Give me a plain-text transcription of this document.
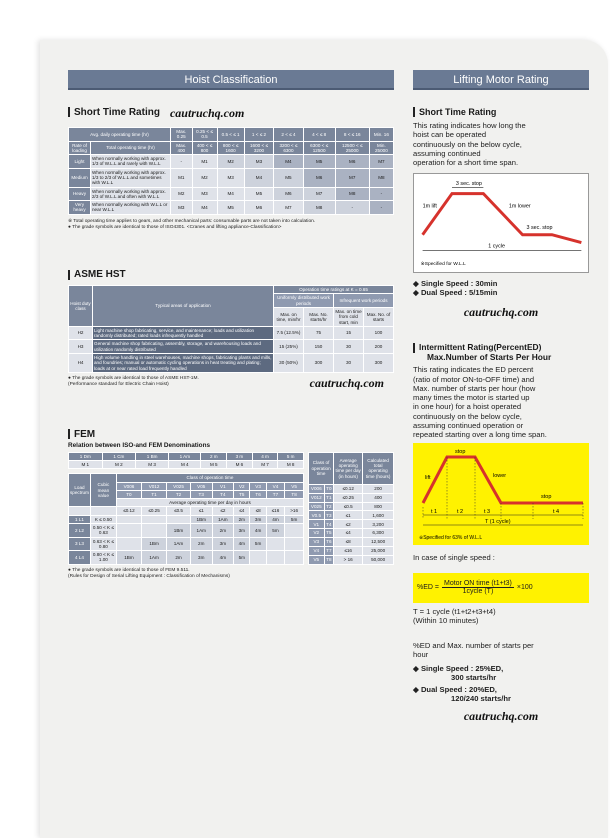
Hoist Classification
Short Time Rating cautruchq.com
Avg. daily operating time (hr)		Max. 0.25	0.25 < ≤ 0.5	0.5 < ≤ 1	1 < ≤ 2	2 < ≤ 4	4 < ≤ 8	8 < ≤ 16	Min. 16
Rate of loading	Total operating time (hr)	Max. 400	400 < ≤ 800	800 < ≤ 1600	1600 < ≤ 3200	3200 < ≤ 6300	6300 < ≤ 12500	12500 < ≤ 25000	Min. 25000
Light	When normally working with approx. 1/3 of W.L.L and rarely with W.L.L	-	M1	M2	M3	M4	M5	M6	M7
Medium	When normally working with approx. 1/3 to 2/3 of W.L.L and sometimes with W.L.L	M1	M2	M3	M4	M5	M6	M7	M8
Heavy	When normally working with approx. 2/3 of W.L.L and often with W.L.L	M2	M3	M4	M5	M6	M7	M8	-
Very heavy	When normally working with W.L.L or near W.L.L	M3	M4	M5	M6	M7	M8	-	-
※ Total operating time applies to gears, and other mechanical parts: consumable parts are not taken into calculation.
● The grade symbols are identical to those of ISO4301. <Cranes and lifting appliance-Classification>
ASME HST
Hoist duty class	Typical areas of application	Operation time ratings at K = 0.65			
		Uniformly distributed work periods		Infrequent work periods	
		Max. on time, min/hr	Max. No. starts/hr	Max. on time from cold start, min	Max. No. of starts
H2	Light machine shop fabricating, service, and maintenance; loads and utilization randomly distributed; rated loads infrequently handled	7.5 (12.5%)	75	15	100
H3	General machine shop fabricating, assembly, storage, and warehousing loads and utilization randomly distributed	15 (25%)	150	30	200
H4	High volume handling in steel warehouses, machine shops, fabricating plants and mills, and foundries; manual or automatic cycling operations in heat treating and plating; loads at or near rated load frequently handled	30 (50%)	300	30	300
● The grade symbols are identical to those of ASME HST-1M.
(Performance standard for Electric Chain Hoist)	cautruchq.com
FEM
Relation between ISO-and FEM Denominations
1 Dm	1 Cm	1 Bm	1 Am	2 m	3 m	4 m	5 m
M 1	M 2	M 3	M 4	M 5	M 6	M 7	M 8
Load spectrum	Cubic mean value	Class of operation time								
		V006	V012	V025	V05	V1	V2	V3	V4	V5
		T0	T1	T2	T3	T4	T5	T6	T7	T8
		Average operating time per day in hours								
		≤0.12	≤0.25	≤0.5	≤1	≤2	≤4	≤8	≤16	>16
1 L1	K ≤ 0.50				1Bm	1Am	2m	3m	4m	5m
2 L2	0.50 < K ≤ 0.63			1Bm	1Am	2m	3m	4m	5m	
3 L3	0.63 < K ≤ 0.80		1Bm	1Am	2m	3m	4m	5m		
4 L4	0.80 < K ≤ 1.00	1Bm	1Am	2m	3m	4m	5m			
Class of operation time		Average operating time per day (in hours)	Calculated total operating time (hours)
V006	T0	≤0.12	200
V012	T1	≤0.25	400
V025	T2	≤0.5	800
V0.5	T3	≤1	1,600
V1	T4	≤2	3,200
V2	T5	≤4	6,300
V3	T6	≤8	12,500
V4	T7	≤16	25,000
V5	T8	> 16	50,000
● The grade symbols are identical to those of FEM 9.511.
(Rules for Design of Serial Lifting Equipment : Classification of Mechanisms)
Lifting Motor Rating
Short Time Rating
This rating indicates how long the
hoist can be operated
continuously on the below cycle,
assuming continued
operation for a short time span.
3 sec. stop
1m lift	1m lower
3 sec. stop
1 cycle
※Specified for W.L.L
◆ Single Speed : 30min
◆ Dual Speed : 5/15min
cautruchq.com
Intermittent Rating(PercentED)
Max.Number of Starts Per Hour
This rating indicates the ED percent
(ratio of motor ON-to-OFF time) and
Max. number of starts per hour (how
many times the motor is started up
in one hour) for a hoist operated
continuously on the below cycle,
assuming continued operation or
repeated starting over a long time span.
stop
lift	lower
stop
t 1	t 2	t 3	t 4
T (1 cycle)
※Specified for 63% of W.L.L
In case of single speed :
%ED =
Motor ON time (t1+t3)
1cycle (T)
×100
T = 1 cycle (t1+t2+t3+t4)
(Within 10 minutes)
%ED and Max. number of starts per
hour
◆ Single Speed : 25%ED,
300 starts/hr
◆ Dual Speed : 20%ED,
120/240 starts/hr
cautruchq.com
